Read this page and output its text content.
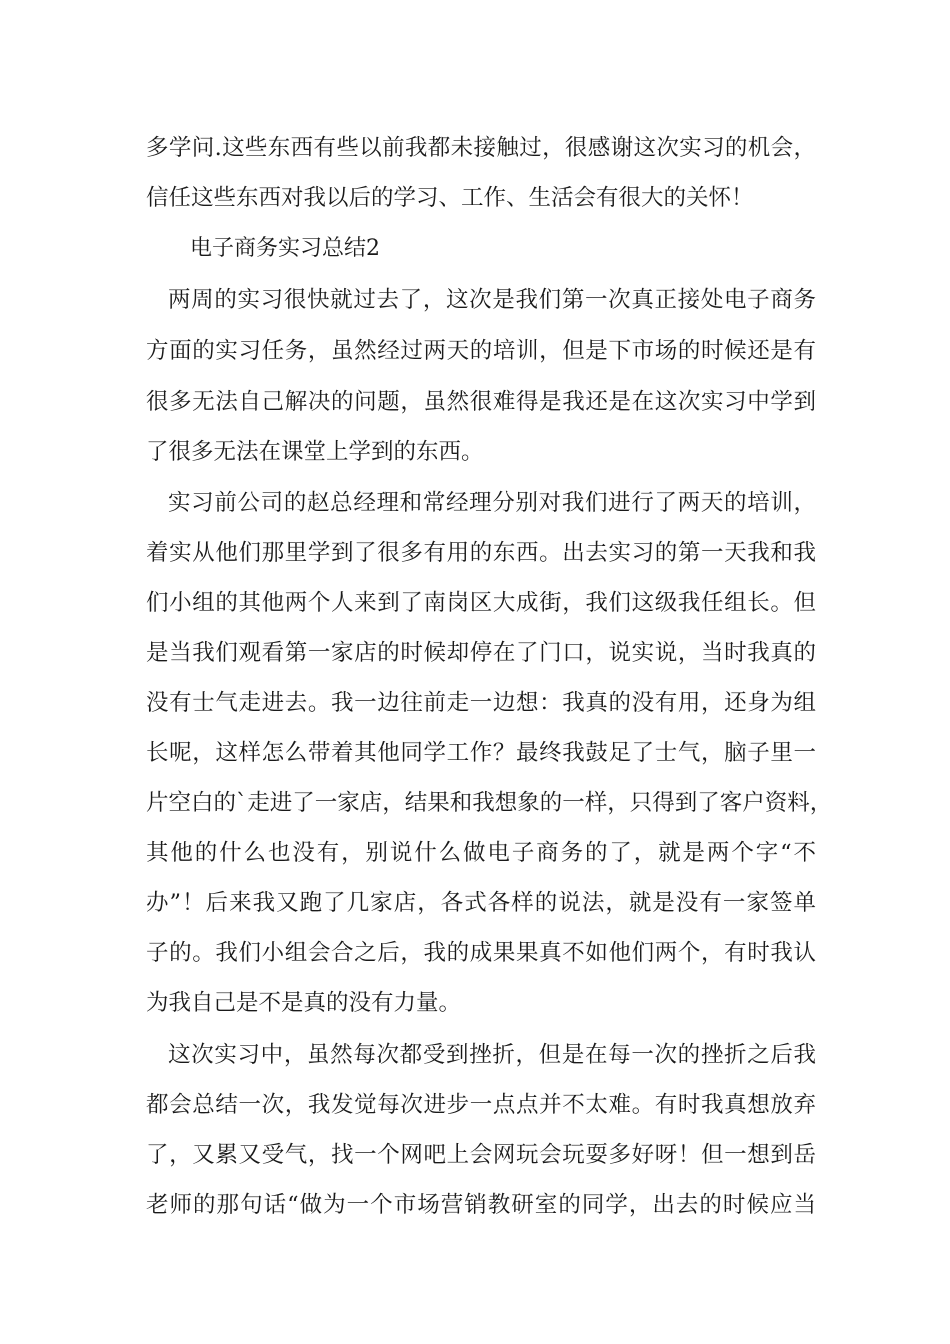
多学问.这些东西有些以前我都未接触过，很感谢这次实习的机会，
信任这些东西对我以后的学习、工作、生活会有很大的关怀！
电子商务实习总结2
两周的实习很快就过去了，这次是我们第一次真正接处电子商务
方面的实习任务，虽然经过两天的培训，但是下市场的时候还是有
很多无法自己解决的问题，虽然很难得是我还是在这次实习中学到
了很多无法在课堂上学到的东西。
实习前公司的赵总经理和常经理分别对我们进行了两天的培训，
着实从他们那里学到了很多有用的东西。出去实习的第一天我和我
们小组的其他两个人来到了南岗区大成街，我们这级我任组长。但
是当我们观看第一家店的时候却停在了门口，说实说，当时我真的
没有士气走进去。我一边往前走一边想：我真的没有用，还身为组
长呢，这样怎么带着其他同学工作？最终我鼓足了士气，脑子里一
片空白的`走进了一家店，结果和我想象的一样，只得到了客户资料，
其他的什么也没有，别说什么做电子商务的了，就是两个字“不
办”！后来我又跑了几家店，各式各样的说法，就是没有一家签单
子的。我们小组会合之后，我的成果果真不如他们两个，有时我认
为我自己是不是真的没有力量。
这次实习中，虽然每次都受到挫折，但是在每一次的挫折之后我
都会总结一次，我发觉每次进步一点点并不太难。有时我真想放弃
了，又累又受气，找一个网吧上会网玩会玩耍多好呀！但一想到岳
老师的那句话“做为一个市场营销教研室的同学，出去的时候应当
